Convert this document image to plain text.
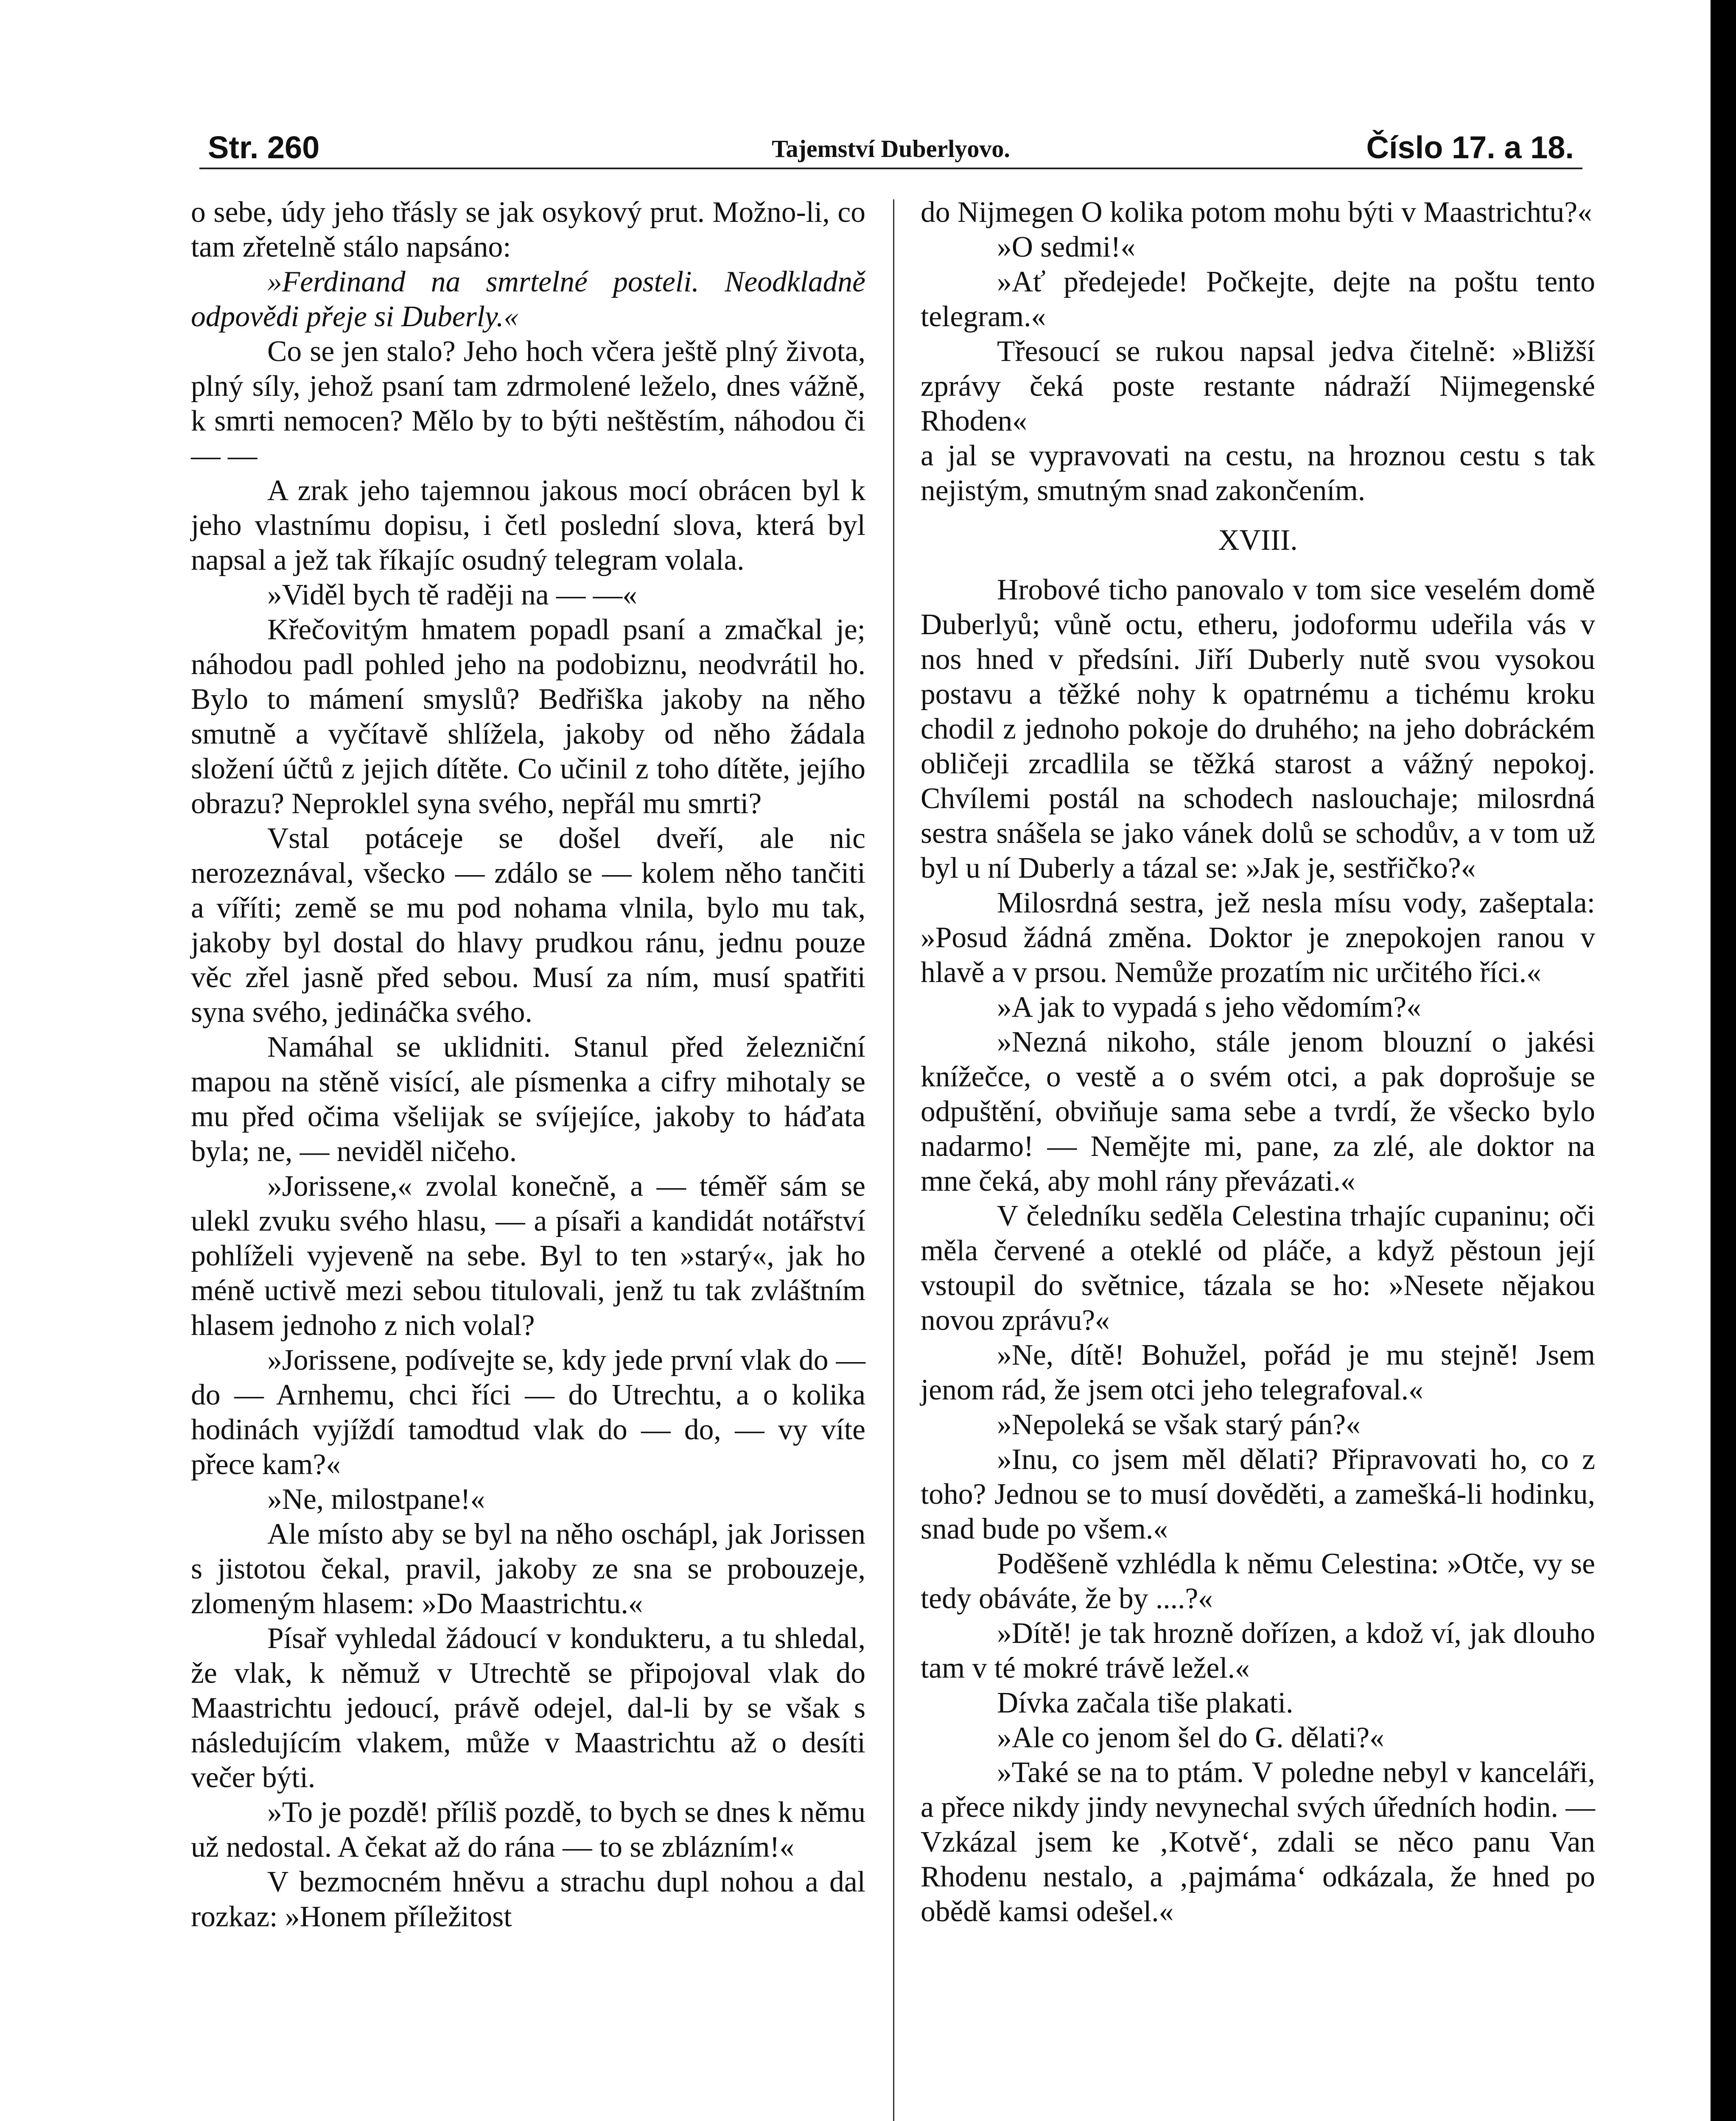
Str. 260	Tajemství Duberlyovo.	Číslo 17. a 18.

o sebe, údy jeho třásly se jak osykový prut. Možno-li, co tam zřetelně stálo napsáno:

»Ferdinand na smrtelné posteli. Neodkladně odpovědi přeje si Duberly.«

Co se jen stalo? Jeho hoch včera ještě plný života, plný síly, jehož psaní tam zdrmolené leželo, dnes vážně, k smrti nemocen? Mělo by to býti neštěstím, náhodou či — —

A zrak jeho tajemnou jakous mocí obrácen byl k jeho vlastnímu dopisu, i četl poslední slova, která byl napsal a jež tak říkajíc osudný telegram volala.

»Viděl bych tě raději na — —«

Křečovitým hmatem popadl psaní a zmačkal je; náhodou padl pohled jeho na podobiznu, neodvrátil ho. Bylo to mámení smyslů? Bedřiška jakoby na něho smutně a vyčítavě shlížela, jakoby od něho žádala složení účtů z jejich dítěte. Co učinil z toho dítěte, jejího obrazu? Neproklel syna svého, nepřál mu smrti?

Vstal potáceje se došel dveří, ale nic nerozeznával, všecko — zdálo se — kolem něho tančiti a víříti; země se mu pod nohama vlnila, bylo mu tak, jakoby byl dostal do hlavy prudkou ránu, jednu pouze věc zřel jasně před sebou. Musí za ním, musí spatřiti syna svého, jedináčka svého.

Namáhal se uklidniti. Stanul před železniční mapou na stěně visící, ale písmenka a cifry mihotaly se mu před očima všelijak se svíjejíce, jakoby to háďata byla; ne, — neviděl ničeho.

»Jorissene,« zvolal konečně, a — téměř sám se ulekl zvuku svého hlasu, — a písaři a kandidát notářství pohlíželi vyjeveně na sebe. Byl to ten »starý«, jak ho méně uctivě mezi sebou titulovali, jenž tu tak zvláštním hlasem jednoho z nich volal?

»Jorissene, podívejte se, kdy jede první vlak do — do — Arnhemu, chci říci — do Utrechtu, a o kolika hodinách vyjíždí tamodtud vlak do — do, — vy víte přece kam?«

»Ne, milostpane!«

Ale místo aby se byl na něho oschápl, jak Jorissen s jistotou čekal, pravil, jakoby ze sna se probouzeje, zlomeným hlasem: »Do Maastrichtu.«

Písař vyhledal žádoucí v kondukteru, a tu shledal, že vlak, k němuž v Utrechtě se připojoval vlak do Maastrichtu jedoucí, právě odejel, dal-li by se však s následujícím vlakem, může v Maastrichtu až o desíti večer býti.

»To je pozdě! příliš pozdě, to bych se dnes k němu už nedostal. A čekat až do rána — to se zblázním!«

V bezmocném hněvu a strachu dupl nohou a dal rozkaz: »Honem příležitost

do Nijmegen O kolika potom mohu býti v Maastrichtu?«

»O sedmi!«

»Ať předejede! Počkejte, dejte na poštu tento telegram.«

Třesoucí se rukou napsal jedva čitelně: »Bližší zprávy čeká poste restante nádraží Nijmegenské Rhoden«

a jal se vypravovati na cestu, na hroznou cestu s tak nejistým, smutným snad zakončením.

XVIII.

Hrobové ticho panovalo v tom sice veselém domě Duberlyů; vůně octu, etheru, jodoformu udeřila vás v nos hned v předsíni. Jiří Duberly nutě svou vysokou postavu a těžké nohy k opatrnému a tichému kroku chodil z jednoho pokoje do druhého; na jeho dobráckém obličeji zrcadlila se těžká starost a vážný nepokoj. Chvílemi postál na schodech naslouchaje; milosrdná sestra snášela se jako vánek dolů se schodův, a v tom už byl u ní Duberly a tázal se: »Jak je, sestřičko?«

Milosrdná sestra, jež nesla mísu vody, zašeptala: »Posud žádná změna. Doktor je znepokojen ranou v hlavě a v prsou. Nemůže prozatím nic určitého říci.«

»A jak to vypadá s jeho vědomím?«

»Nezná nikoho, stále jenom blouzní o jakési knížečce, o vestě a o svém otci, a pak doprošuje se odpuštění, obviňuje sama sebe a tvrdí, že všecko bylo nadarmo! — Nemějte mi, pane, za zlé, ale doktor na mne čeká, aby mohl rány převázati.«

V čeledníku seděla Celestina trhajíc cupaninu; oči měla červené a oteklé od pláče, a když pěstoun její vstoupil do světnice, tázala se ho: »Nesete nějakou novou zprávu?«

»Ne, dítě! Bohužel, pořád je mu stejně! Jsem jenom rád, že jsem otci jeho telegrafoval.«

»Nepoleká se však starý pán?«

»Inu, co jsem měl dělati? Připravovati ho, co z toho? Jednou se to musí dověděti, a zamešká-li hodinku, snad bude po všem.«

Poděšeně vzhlédla k němu Celestina: »Otče, vy se tedy obáváte, že by ....?«

»Dítě! je tak hrozně dořízen, a kdož ví, jak dlouho tam v té mokré trávě ležel.«

Dívka začala tiše plakati.

»Ale co jenom šel do G. dělati?«

»Také se na to ptám. V poledne nebyl v kanceláři, a přece nikdy jindy nevynechal svých úředních hodin. — Vzkázal jsem ke ‚Kotvě‘, zdali se něco panu Van Rhodenu nestalo, a ‚pajmáma‘ odkázala, že hned po obědě kamsi odešel.«
